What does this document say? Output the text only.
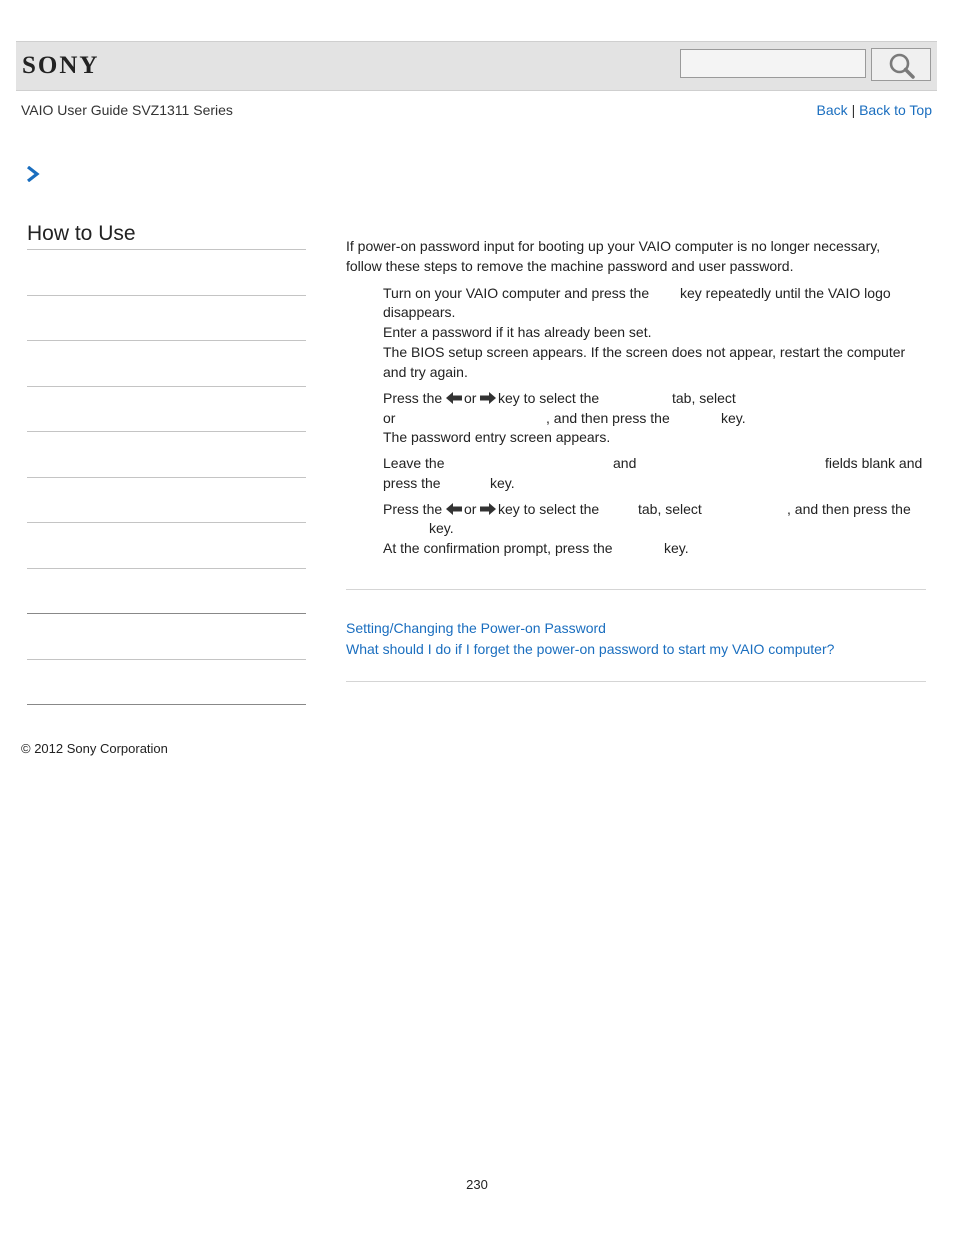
SONY
VAIO User Guide SVZ1311 Series	Back | Back to Top
How to Use

If power-on password input for booting up your VAIO computer is no longer necessary,

follow these steps to remove the machine password and user password.

Turn on your VAIO computer and press the key repeatedly until the VAIO logo
disappears.
Enter a password if it has already been set.
The BIOS setup screen appears. If the screen does not appear, restart the computer
and try again.
Press the or key to select the	tab, select
or	, and then press the	key.
The password entry screen appears.
Leave the	and	fields blank and
press the	key.
Press the or key to select the	tab, select	, and then press the
key.
At the confirmation prompt, press the	key.
Setting/Changing the Power-on Password
What should I do if I forget the power-on password to start my VAIO computer?
© 2012 Sony Corporation
230
